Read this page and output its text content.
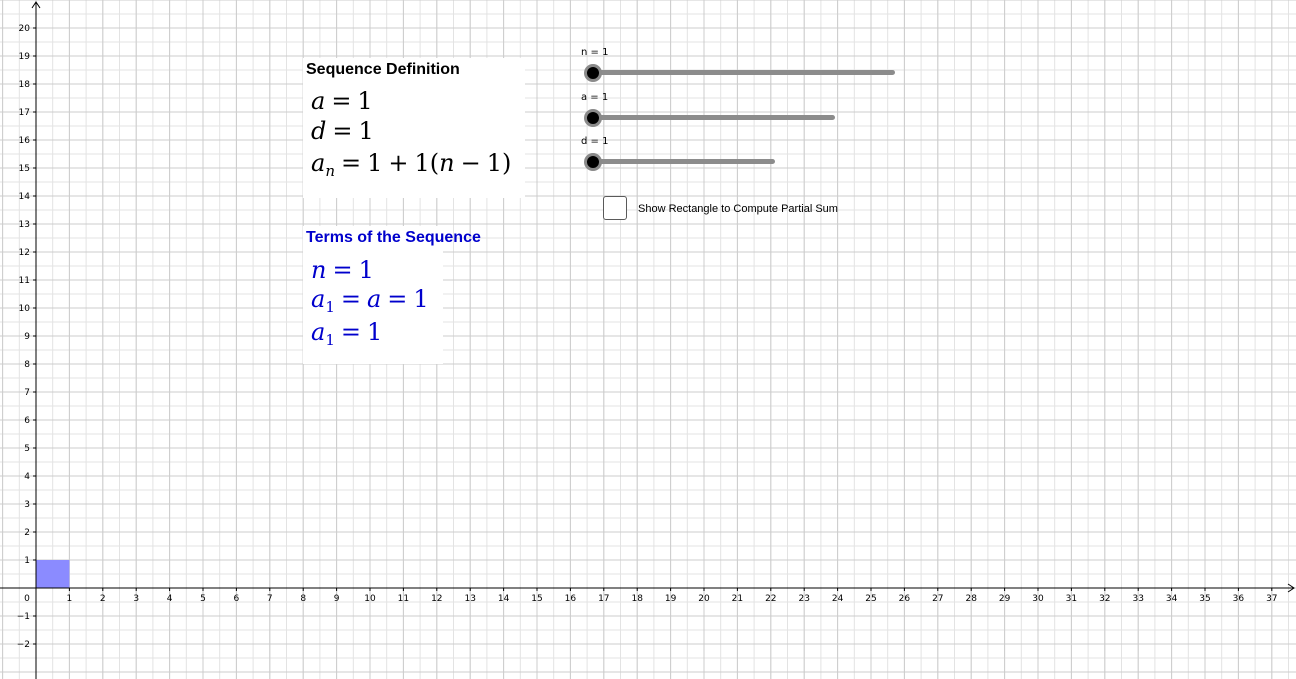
0	1	2	3	4	5	6	7	8	9	10 11 12 13 14 15 16 17 18 19 20 21 22 23 24 25 26 27 28 29 30 31 32 33 34 35 36 37
−2
−1
1
2
3
4
5
6
7
8
9
10
11
12
13
14
15
16
17
18
19
20
Sequence Definition
a = 1
d = 1
$a_n = 1 + 1(n - 1)$
Terms of the Sequence
n = 1
$a_1 = a = 1$
$a_1 = 1$
n = 1
a = 1
d = 1
Show Rectangle to Compute Partial Sum
